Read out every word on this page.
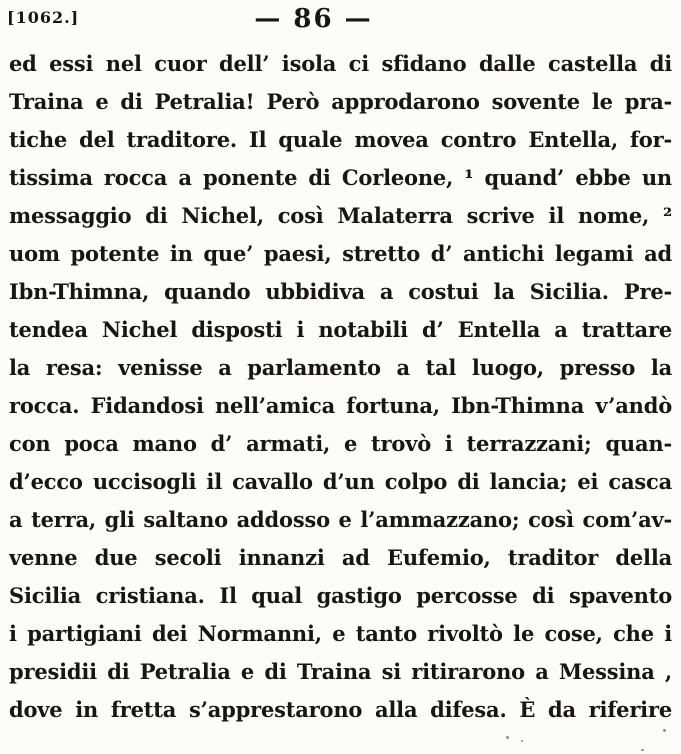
[1062.]	— 86 —
ed essi nel cuor dell’ isola ci sfidano dalle castella di
Traina e di Petralia! Però approdarono sovente le pra-
tiche del traditore. Il quale movea contro Entella, for-
tissima rocca a ponente di Corleone, ¹ quand’ ebbe un
messaggio di Nichel, così Malaterra scrive il nome, ²
uom potente in que’ paesi, stretto d’ antichi legami ad
Ibn-Thimna, quando ubbidiva a costui la Sicilia. Pre-
tendea Nichel disposti i notabili d’ Entella a trattare
la resa: venisse a parlamento a tal luogo, presso la
rocca. Fidandosi nell’amica fortuna, Ibn-Thimna v’andò
con poca mano d’ armati, e trovò i terrazzani; quan-
d’ecco uccisogli il cavallo d’un colpo di lancia; ei casca
a terra, gli saltano addosso e l’ammazzano; così com’av-
venne due secoli innanzi ad Eufemio, traditor della
Sicilia cristiana. Il qual gastigo percosse di spavento
i partigiani dei Normanni, e tanto rivoltò le cose, che i
presidii di Petralia e di Traina si ritirarono a Messina ,
dove in fretta s’apprestarono alla difesa. È da riferire
